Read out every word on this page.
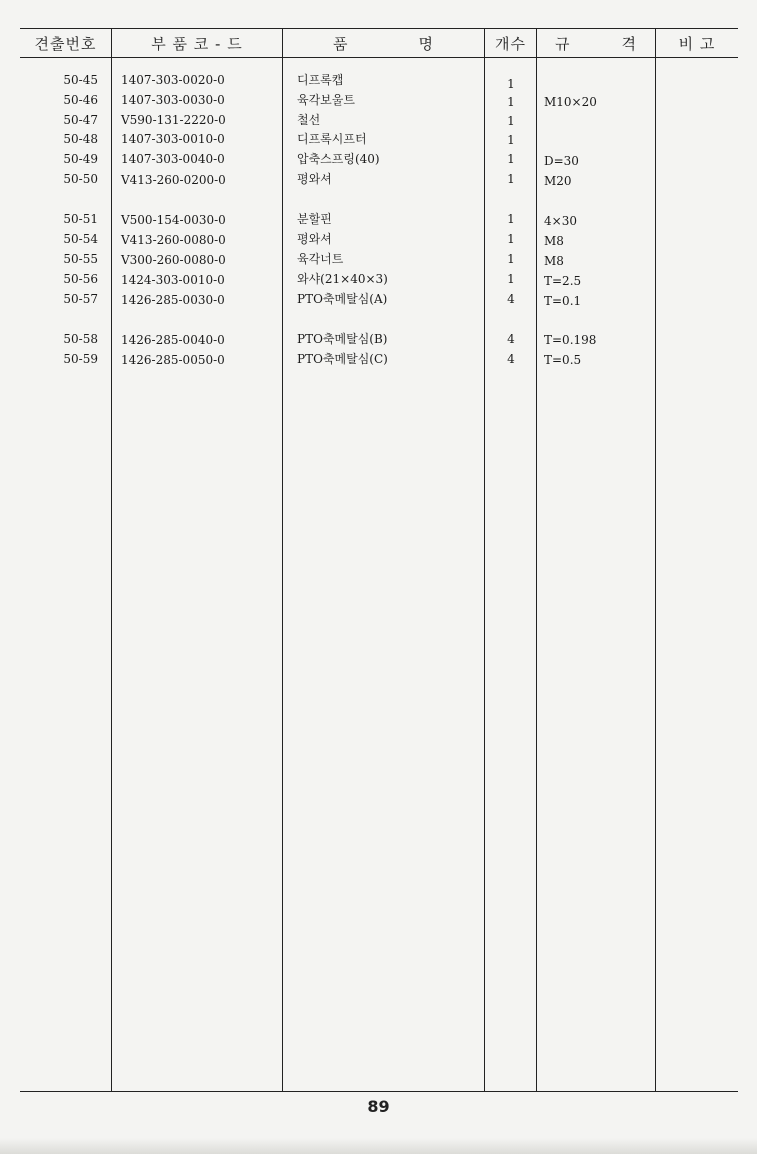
견출번호	부 품 코 - 드	품	명	개수	규	격	비 고
50-45 1407-303-0020-0	디프록캡	1
50-46 1407-303-0030-0	육각보울트	1	M10×20
50-47 V590-131-2220-0	철선	1
50-48 1407-303-0010-0	디프록시프터	1
50-49 1407-303-0040-0	압축스프링(40)	1	D=30
50-50 V413-260-0200-0	평와셔	1	M20
50-51 V500-154-0030-0	분할핀	1	4×30
50-54 V413-260-0080-0	평와셔	1	M8
50-55 V300-260-0080-0	육각너트	1	M8
50-56 1424-303-0010-0	와샤(21×40×3)	1	T=2.5
50-57 1426-285-0030-0	PTO축메탈심(A)	4	T=0.1
50-58 1426-285-0040-0	PTO축메탈심(B)	4	T=0.198
50-59 1426-285-0050-0	PTO축메탈심(C)	4	T=0.5
89
